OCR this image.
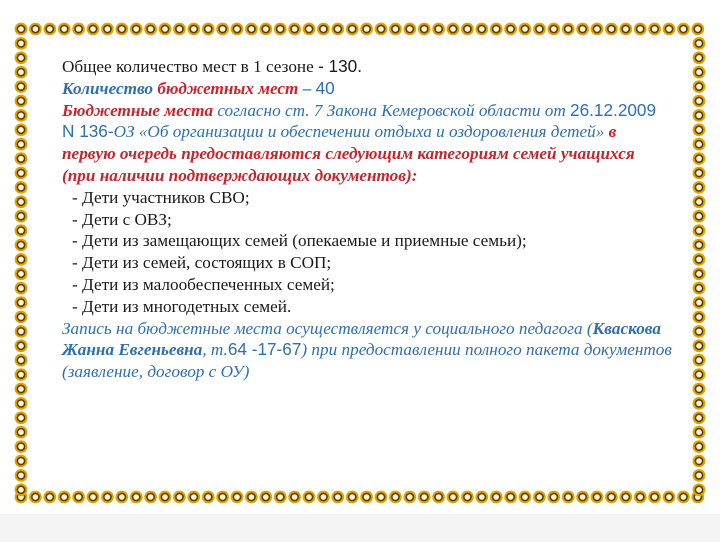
Общее количество мест в 1 сезоне - 130.

Количество бюджетных мест – 40

Бюджетные места согласно ст. 7 Закона Кемеровской области от 26.12.2009 N 136-ОЗ «Об организации и обеспечении отдыха и оздоровления детей» в первую очередь предоставляются следующим категориям семей учащихся (при наличии подтверждающих документов):

- Дети участников СВО;
- Дети с ОВЗ;
- Дети из замещающих семей (опекаемые и приемные семьи);
- Дети из семей, состоящих в СОП;
- Дети из малообеспеченных семей;
- Дети из многодетных семей.

Запись на бюджетные места осуществляется у социального педагога (Квaскова Жанна Евгеньевна, т.64 -17-67) при предоставлении полного пакета документов (заявление, договор с ОУ)
